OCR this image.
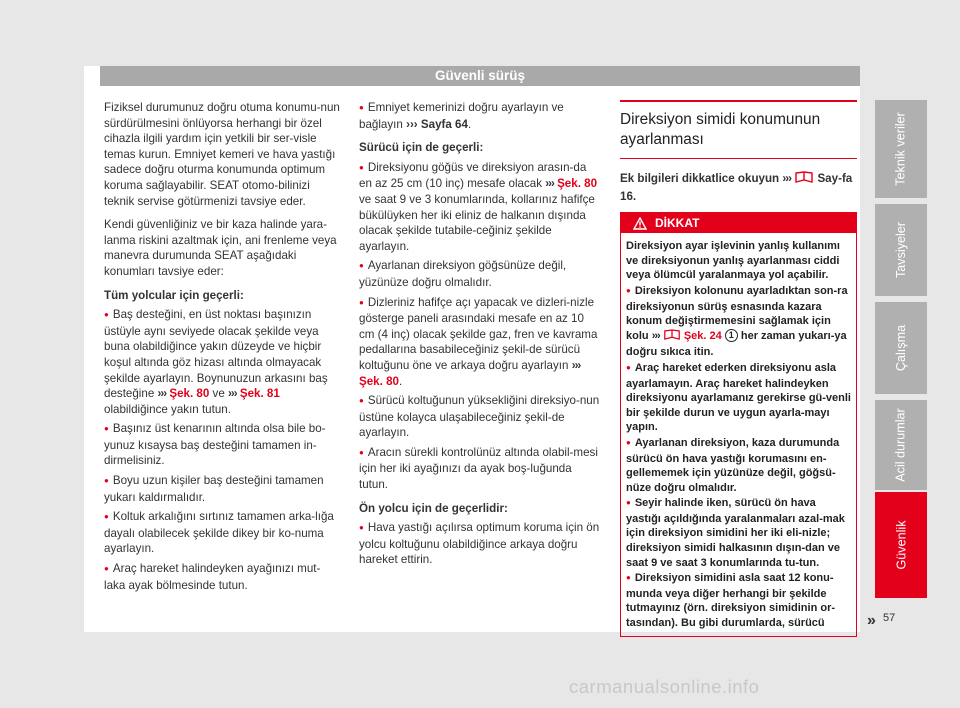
Güvenli sürüş

Fiziksel durumunuz doğru otuma konumu-nun sürdürülmesini önlüyorsa herhangi bir özel cihazla ilgili yardım için yetkili bir ser-visle temas kurun. Emniyet kemeri ve hava yastığı sadece doğru oturma konumunda optimum koruma sağlayabilir. SEAT otomo-bilinizi teknik servise götürmenizi tavsiye eder.

Kendi güvenliğiniz ve bir kaza halinde yara-lanma riskini azaltmak için, ani frenleme veya manevra durumunda SEAT aşağıdaki konumları tavsiye eder:

Tüm yolcular için geçerli:

● Baş desteğini, en üst noktası başınızın üstüyle aynı seviyede olacak şekilde veya buna olabildiğince yakın düzeyde ve hiçbir koşul altında göz hizası altında olmayacak şekilde ayarlayın. Boynunuzun arkasını baş desteğine ››› Şek. 80 ve ››› Şek. 81 olabildiğince yakın tutun.

● Başınız üst kenarının altında olsa bile bo-yunuz kısaysa baş desteğini tamamen in-dirmelisiniz.

● Boyu uzun kişiler baş desteğini tamamen yukarı kaldırmalıdır.

● Koltuk arkalığını sırtınız tamamen arka-lığa dayalı olabilecek şekilde dikey bir ko-numa ayarlayın.

● Araç hareket halindeyken ayağınızı mut-laka ayak bölmesinde tutun.

● Emniyet kemerinizi doğru ayarlayın ve bağlayın ››› Sayfa 64.

Sürücü için de geçerli:

● Direksiyonu göğüs ve direksiyon arasın-da en az 25 cm (10 inç) mesafe olacak ››› Şek. 80 ve saat 9 ve 3 konumlarında, kollarınız hafifçe bükülüyken her iki eliniz de halkanın dışında olacak şekilde tutabile-ceğiniz şekilde ayarlayın.

● Ayarlanan direksiyon göğsünüze değil, yüzünüze doğru olmalıdır.

● Dizleriniz hafifçe açı yapacak ve dizleri-nizle gösterge paneli arasındaki mesafe en az 10 cm (4 inç) olacak şekilde gaz, fren ve kavrama pedallarına basabileceğiniz şekil-de sürücü koltuğunu öne ve arkaya doğru ayarlayın ››› Şek. 80.

● Sürücü koltuğunun yüksekliğini direksiyo-nun üstüne kolayca ulaşabileceğiniz şekil-de ayarlayın.

● Aracın sürekli kontrolünüz altında olabil-mesi için her iki ayağınızı da ayak boş-luğunda tutun.

Ön yolcu için de geçerlidir:

● Hava yastığı açılırsa optimum koruma için ön yolcu koltuğunu olabildiğince arkaya doğru hareket ettirin.

Direksiyon simidi konumunun ayarlanması

Ek bilgileri dikkatlice okuyun ››› Say-fa 16.

DİKKAT

Direksiyon ayar işlevinin yanlış kullanımı ve direksiyonun yanlış ayarlanması ciddi veya ölümcül yaralanmaya yol açabilir.

● Direksiyon kolonunu ayarladıktan son-ra direksiyonun sürüş esnasında kazara konum değiştirmemesini sağlamak için kolu ››› Şek. 24 1 her zaman yukarı-ya doğru sıkıca itin.

● Araç hareket ederken direksiyonu asla ayarlamayın. Araç hareket halindeyken direksiyonu ayarlamanız gerekirse gü-venli bir şekilde durun ve uygun ayarla-mayı yapın.

● Ayarlanan direksiyon, kaza durumunda sürücü ön hava yastığı korumasını en-gellememek için yüzünüze değil, göğsü-nüze doğru olmalıdır.

● Seyir halinde iken, sürücü ön hava yastığı açıldığında yaralanmaları azal-mak için direksiyon simidini her iki eli-nizle; direksiyon simidi halkasının dışın-dan ve saat 9 ve saat 3 konumlarında tu-tun.

● Direksiyon simidini asla saat 12 konu-munda veya diğer herhangi bir şekilde tutmayınız (örn. direksiyon simidinin or-tasından). Bu gibi durumlarda, sürücü

Teknik veriler
Tavsiyeler
Çalışma
Acil durumlar
Güvenlik
» 57
carmanualsonline.info
